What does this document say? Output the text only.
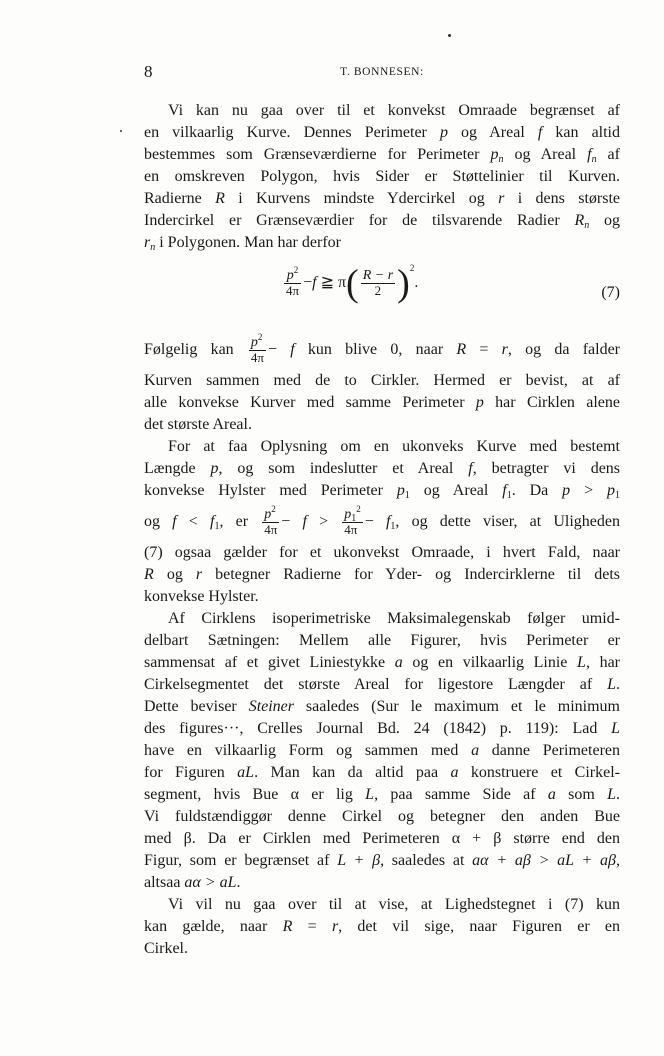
8	T. BONNESEN:

Vi kan nu gaa over til et konvekst Omraade begrænset af

en vilkaarlig Kurve. Dennes Perimeter p og Areal f kan altid

bestemmes som Grænseværdierne for Perimeter $p_n$ og Areal $f_n$ af

en omskreven Polygon, hvis Sider er Støttelinier til Kurven.

Radierne R i Kurvens mindste Ydercirkel og r i dens største

Indercirkel er Grænseværdier for de tilsvarende Radier $R_n$ og

$r_n$ i Polygonen. Man har derfor

$\frac{p^2}{4\pi} -f$ ≧ $\pi( \frac{R - r}{2} )^2$.
(7)

Følgelig kan $\frac{p^2}{4\pi} - f$ kun blive 0, naar R = r, og da falder

Kurven sammen med de to Cirkler. Hermed er bevist, at af

alle konvekse Kurver med samme Perimeter p har Cirklen alene

det største Areal.

For at faa Oplysning om en ukonveks Kurve med bestemt

Længde p, og som indeslutter et Areal f, betragter vi dens

konvekse Hylster med Perimeter $p_1$ og Areal $f_1$. Da $p > p_1$

og $f < f_1$, er $\frac{p^2}{4\pi} - f > \frac{p_1^2}{4\pi} - f_1$, og dette viser, at Uligheden

(7) ogsaa gælder for et ukonvekst Omraade, i hvert Fald, naar

R og r betegner Radierne for Yder- og Indercirklerne til dets

konvekse Hylster.

Af Cirklens isoperimetriske Maksimalegenskab følger umid-

delbart Sætningen: Mellem alle Figurer, hvis Perimeter er

sammensat af et givet Liniestykke a og en vilkaarlig Linie L, har

Cirkelsegmentet det største Areal for ligestore Længder af L.

Dette beviser Steiner saaledes (Sur le maximum et le minimum

des figures···, Crelles Journal Bd. 24 (1842) p. 119): Lad L

have en vilkaarlig Form og sammen med a danne Perimeteren

for Figuren aL. Man kan da altid paa a konstruere et Cirkel-

segment, hvis Bue α er lig L, paa samme Side af a som L.

Vi fuldstændiggør denne Cirkel og betegner den anden Bue

med β. Da er Cirklen med Perimeteren α + β større end den

Figur, som er begrænset af L + β, saaledes at aα + aβ > aL + aβ,

altsaa aα > aL.

Vi vil nu gaa over til at vise, at Lighedstegnet i (7) kun

kan gælde, naar R = r, det vil sige, naar Figuren er en

Cirkel.
